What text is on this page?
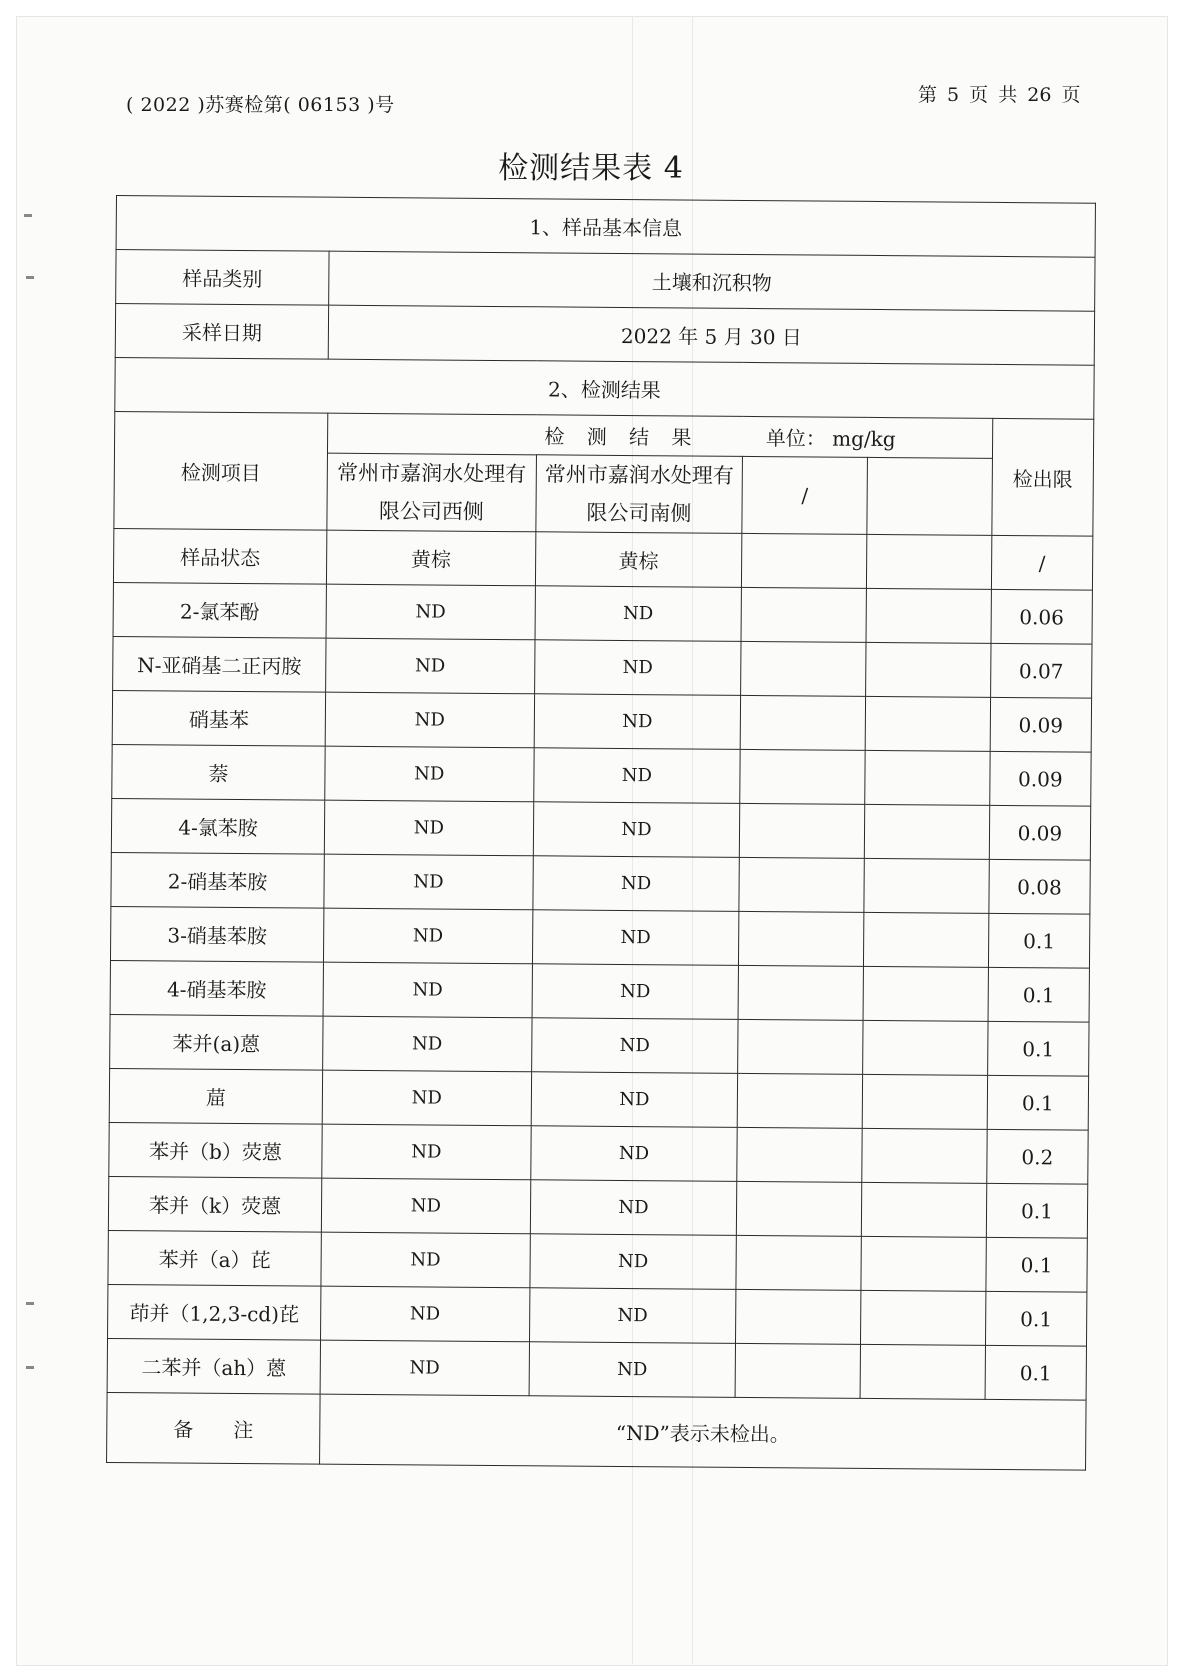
( 2022 )苏赛检第( 06153 )号	第 5 页 共 26 页
检测结果表 4
1、样品基本信息					
样品类别	土壤和沉积物				
采样日期	2022 年 5 月 30 日				
2、检测结果					
检测项目	检 测 结 果 单位： mg/kg				检出限
	常州市嘉润水处理有限公司西侧	常州市嘉润水处理有限公司南侧	/		
样品状态	黄棕	黄棕			/
2-氯苯酚	ND	ND			0.06
N-亚硝基二正丙胺	ND	ND			0.07
硝基苯	ND	ND			0.09
萘	ND	ND			0.09
4-氯苯胺	ND	ND			0.09
2-硝基苯胺	ND	ND			0.08
3-硝基苯胺	ND	ND			0.1
4-硝基苯胺	ND	ND			0.1
苯并(a)蒽	ND	ND			0.1
䓛	ND	ND			0.1
苯并（b）荧蒽	ND	ND			0.2
苯并（k）荧蒽	ND	ND			0.1
苯并（a）芘	ND	ND			0.1
茚并（1,2,3-cd)芘	ND	ND			0.1
二苯并（ah）蒽	ND	ND			0.1
备　　注	“ND”表示未检出。				
